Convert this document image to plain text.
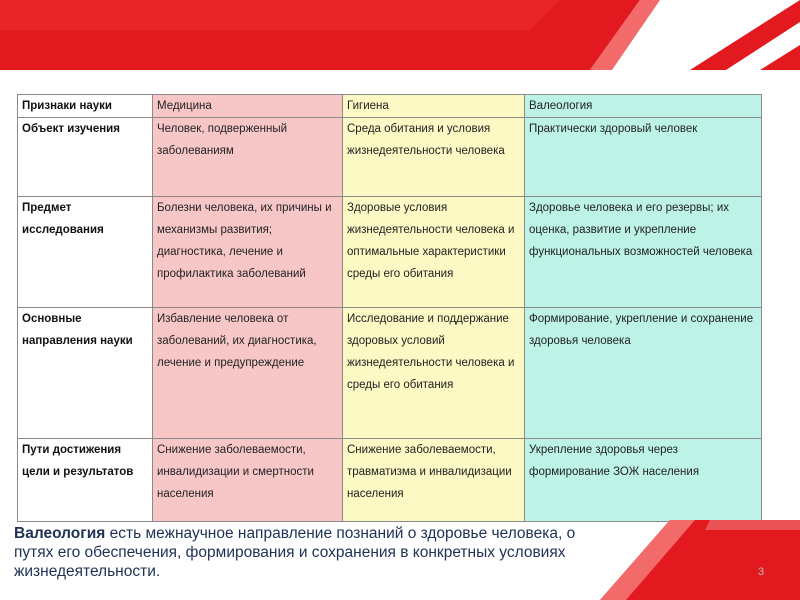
Признаки науки	Медицина	Гигиена	Валеология
Объект изучения	Человек, подверженный заболеваниям	Среда обитания и условия жизнедеятельности человека	Практически здоровый человек
Предмет исследования	Болезни человека, их причины и механизмы развития; диагностика, лечение и профилактика заболеваний	Здоровые условия жизнедеятельности человека и оптимальные характеристики среды его обитания	Здоровье человека и его резервы; их оценка, развитие и укрепление функциональных возможностей человека
Основные направления науки	Избавление человека от заболеваний, их диагностика, лечение и предупреждение	Исследование и поддержание здоровых условий жизнедеятельности человека и среды его обитания	Формирование, укрепление и сохранение здоровья человека
Пути достижения цели и результатов	Снижение заболеваемости, инвалидизации и смертности населения	Снижение заболеваемости, травматизма и инвалидизации населения	Укрепление здоровья через формирование ЗОЖ населения
Валеология есть межнаучное направление познаний о здоровье человека, о путях его обеспечения, формирования и сохранения в конкретных условиях жизнедеятельности.	3
